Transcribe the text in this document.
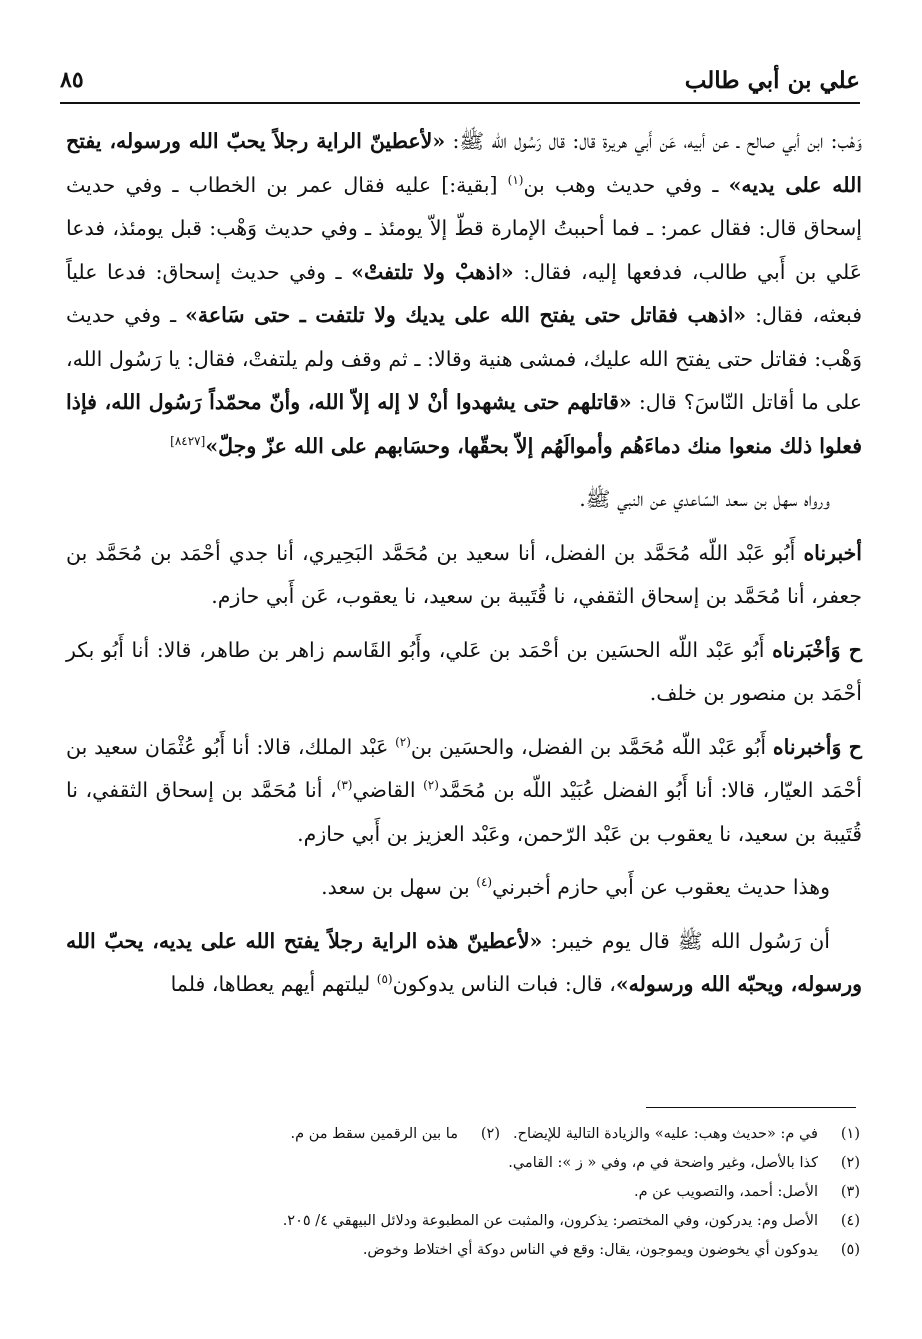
٨٥	علي بن أبي طالب

وَهْب: ابن أبي صالح ـ عن أبيه، عَن أَبي هريرة قال: قال رَسُول الله ﷺ: «لأعطينّ الراية رجلاً يحبّ الله ورسوله، يفتح الله على يديه» ـ وفي حديث وهب بن$^{(١)}$ [بقية:] عليه فقال عمر بن الخطاب ـ وفي حديث إسحاق قال: فقال عمر: ـ فما أحببتُ الإمارة قطّ إلاّ يومئذ ـ وفي حديث وَهْب: قبل يومئذ، فدعا عَلي بن أَبي طالب، فدفعها إليه، فقال: «اذهبْ ولا تلتفتْ» ـ وفي حديث إسحاق: فدعا علياً فبعثه، فقال: «اذهب فقاتل حتى يفتح الله على يديك ولا تلتفت ـ حتى سَاعة» ـ وفي حديث وَهْب: فقاتل حتى يفتح الله عليك، فمشى هنية وقالا: ـ ثم وقف ولم يلتفتْ، فقال: يا رَسُول الله، على ما أقاتل النّاسَ؟ قال: «قاتلهم حتى يشهدوا أنْ لا إله إلاّ الله، وأنّ محمّداً رَسُول الله، فإذا فعلوا ذلك منعوا منك دماءَهُم وأموالَهُم إلاّ بحقّها، وحسَابهم على الله عزّ وجلّ»[٨٤٢٧]

ورواه سهل بن سعد السّاعدي عن النبي ﷺ.

أخبرناه أَبُو عَبْد اللّه مُحَمَّد بن الفضل، أنا سعيد بن مُحَمَّد البَحِيري، أنا جدي أحْمَد بن مُحَمَّد بن جعفر، أنا مُحَمَّد بن إسحاق الثقفي، نا قُتَيبة بن سعيد، نا يعقوب، عَن أَبي حازم.

ح وَأخْبَرناه أَبُو عَبْد اللّه الحسَين بن أحْمَد بن عَلي، وأَبُو القَاسم زاهر بن طاهر، قالا: أنا أَبُو بكر أحْمَد بن منصور بن خلف.

ح وَأخبرناه أَبُو عَبْد اللّه مُحَمَّد بن الفضل، والحسَين بن$^{(٢)}$ عَبْد الملك، قالا: أنا أَبُو عُثْمَان سعيد بن أحْمَد العيّار، قالا: أنا أَبُو الفضل عُبَيْد اللّه بن مُحَمَّد$^{(٢)}$ القاضي$^{(٣)}$، أنا مُحَمَّد بن إسحاق الثقفي، نا قُتَيبة بن سعيد، نا يعقوب بن عَبْد الرّحمن، وعَبْد العزيز بن أَبي حازم.

وهذا حديث يعقوب عن أَبي حازم أخبرني$^{(٤)}$ بن سهل بن سعد.

أن رَسُول الله ﷺ قال يوم خيبر: «لأعطينّ هذه الراية رجلاً يفتح الله على يديه، يحبّ الله ورسوله، ويحبّه الله ورسوله»، قال: فبات الناس يدوكون$^{(٥)}$ ليلتهم أيهم يعطاها، فلما

(١)
في م: «حديث وهب: عليه» والزيادة التالية للإيضاح.
(٢)
ما بين الرقمين سقط من م.
(٢)
كذا بالأصل، وغير واضحة في م، وفي « ز »: القامي.
(٣)
الأصل: أحمد، والتصويب عن م.
(٤)
الأصل وم: يدركون، وفي المختصر: يذكرون، والمثبت عن المطبوعة ودلائل البيهقي ٤/ ٢٠٥.
(٥)
يدوكون أي يخوضون ويموجون، يقال: وقع في الناس دوكة أي اختلاط وخوض.
